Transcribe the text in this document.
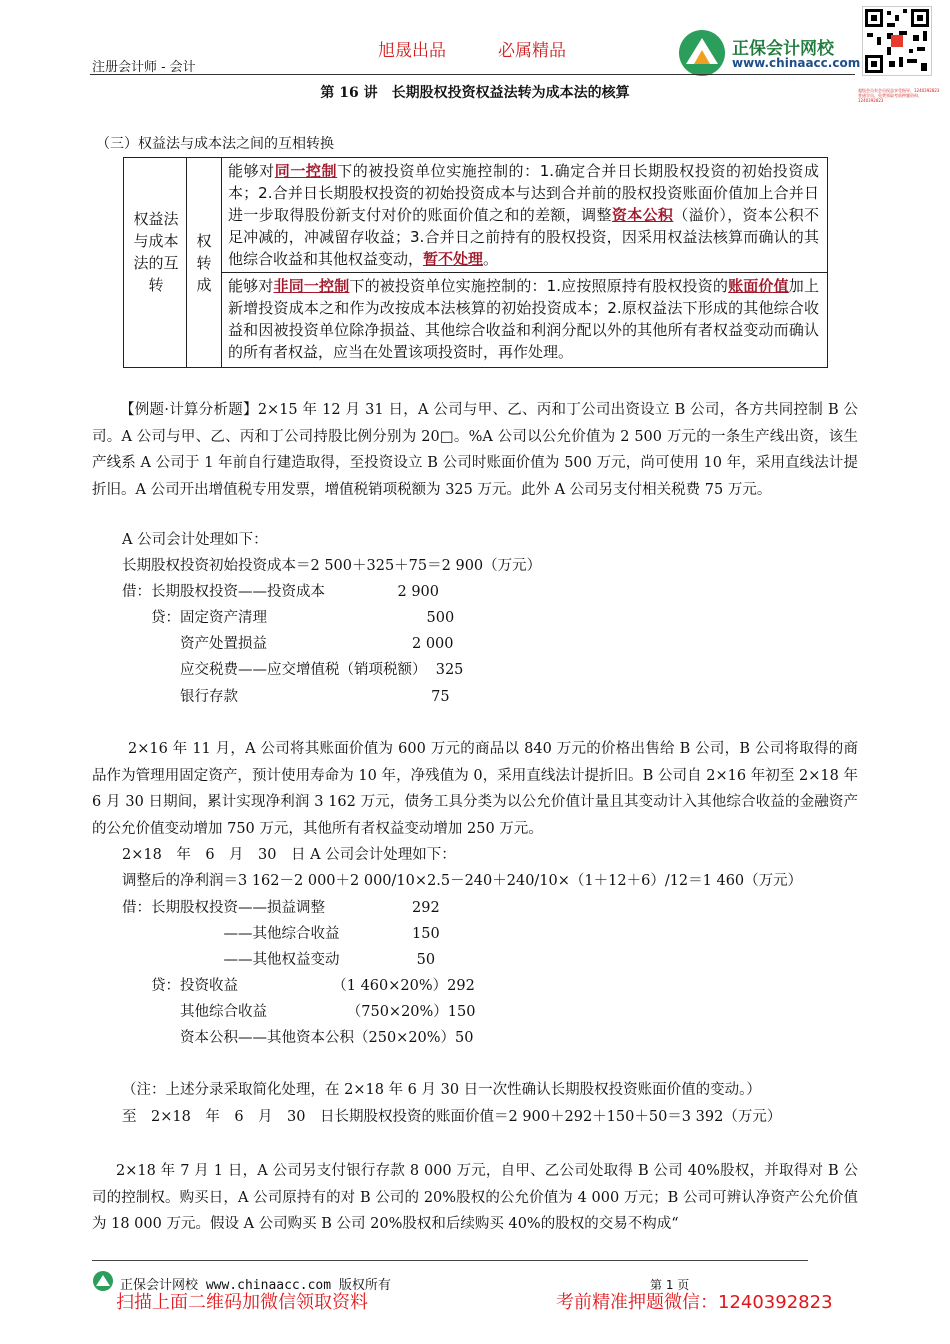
注册会计师 - 会计
旭晟出品	必属精品	正保会计网校
www.chinaacc.com
超级会员有会员权益享受指导、1240392823 普通学员、免费领取考前押题资料、1240392823
第 16 讲　长期股权投资权益法转为成本法的核算
（三）权益法与成本法之间的互相转换
权益法与成本法的互转
权转成
能够对同一控制下的被投资单位实施控制的：1.确定合并日长期股权投资的初始投资成本；2.合并日长期股权投资的初始投资成本与达到合并前的股权投资账面价值加上合并日进一步取得股份新支付对价的账面价值之和的差额，调整资本公积（溢价），资本公积不足冲减的，冲减留存收益；3.合并日之前持有的股权投资，因采用权益法核算而确认的其他综合收益和其他权益变动，暂不处理。
能够对非同一控制下的被投资单位实施控制的：1.应按照原持有股权投资的账面价值加上新增投资成本之和作为改按成本法核算的初始投资成本；2.原权益法下形成的其他综合收益和因被投资单位除净损益、其他综合收益和利润分配以外的其他所有者权益变动而确认的所有者权益，应当在处置该项投资时，再作处理。
【例题·计算分析题】2×15 年 12 月 31 日，A 公司与甲、乙、丙和丁公司出资设立 B 公司，各方共同控制 B 公司。A 公司与甲、乙、丙和丁公司持股比例分别为 20□。%A 公司以公允价值为 2 500 万元的一条生产线出资，该生产线系 A 公司于 1 年前自行建造取得，至投资设立 B 公司时账面价值为 500 万元，尚可使用 10 年，采用直线法计提折旧。A 公司开出增值税专用发票，增值税销项税额为 325 万元。此外 A 公司另支付相关税费 75 万元。
A 公司会计处理如下：
长期股权投资初始投资成本＝2 500＋325＋75＝2 900（万元）
借：长期股权投资——投资成本　　　　　2 900
　　贷：固定资产清理　　　　　　　　　　　500
　　　　资产处置损益　　　　　　　　　　2 000
　　　　应交税费——应交增值税（销项税额）  325
　　　　银行存款　　　　　　　　　　　　　 75
2×16 年 11 月，A 公司将其账面价值为 600 万元的商品以 840 万元的价格出售给 B 公司，B 公司将取得的商品作为管理用固定资产，预计使用寿命为 10 年，净残值为 0，采用直线法计提折旧。B 公司自 2×16 年初至 2×18 年 6 月 30 日期间，累计实现净利润 3 162 万元，债务工具分类为以公允价值计量且其变动计入其他综合收益的金融资产的公允价值变动增加 750 万元，其他所有者权益变动增加 250 万元。
2×18　年　6　月　30　日 A 公司会计处理如下：
调整后的净利润＝3 162－2 000＋2 000/10×2.5－240＋240/10×（1＋12＋6）/12＝1 460（万元）
借：长期股权投资——损益调整　　　　　　292
　　　　　　　——其他综合收益　　　　　150
　　　　　　　——其他权益变动　　　　　 50
　　贷：投资收益　　　　　　　（1 460×20%）292
　　　　其他综合收益　　　　　　（750×20%）150
　　　　资本公积——其他资本公积（250×20%）50
（注：上述分录采取简化处理，在 2×18 年 6 月 30 日一次性确认长期股权投资账面价值的变动。）
至　2×18　年　6　月　30　日长期股权投资的账面价值＝2 900＋292＋150＋50＝3 392（万元）
2×18 年 7 月 1 日，A 公司另支付银行存款 8 000 万元，自甲、乙公司处取得 B 公司 40%股权，并取得对 B 公司的控制权。购买日，A 公司原持有的对 B 公司的 20%股权的公允价值为 4 000 万元；B 公司可辨认净资产公允价值为 18 000 万元。假设 A 公司购买 B 公司 20%股权和后续购买 40%的股权的交易不构成“
正保会计网校 www.chinaacc.com 版权所有	第 1 页
扫描上面二维码加微信领取资料	考前精准押题微信：1240392823
